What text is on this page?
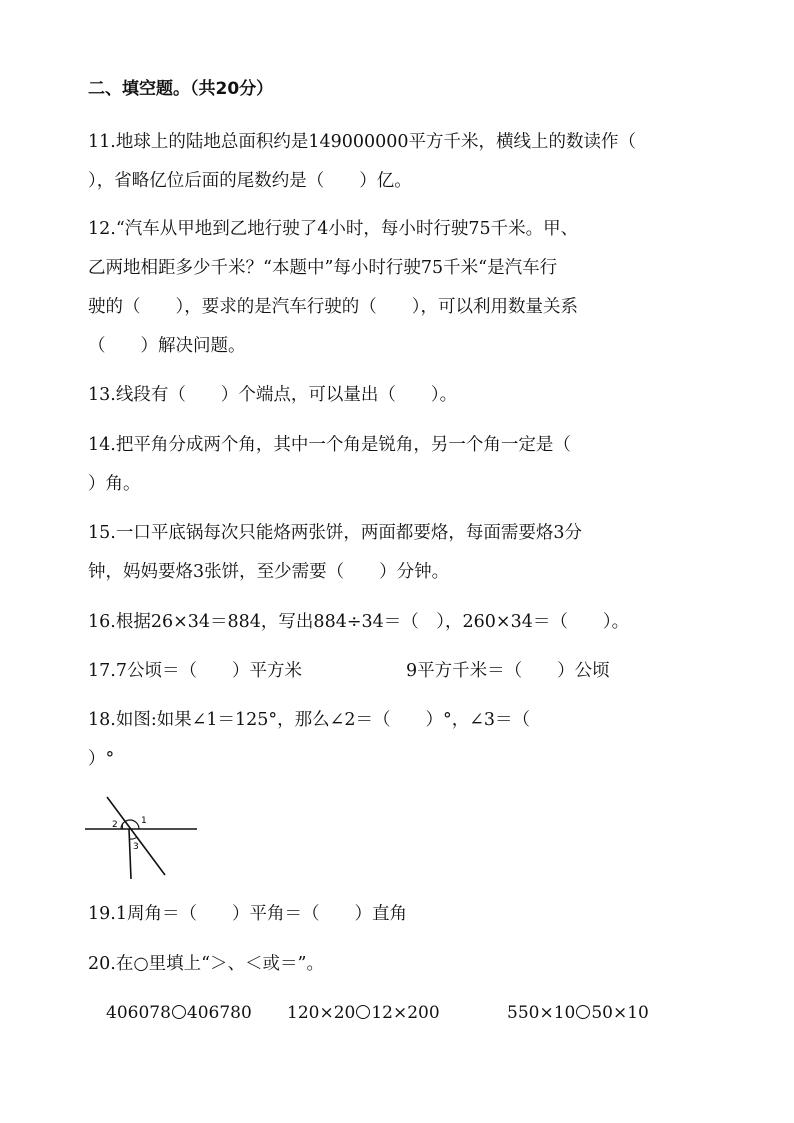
二、填空题。（共20分）
11.地球上的陆地总面积约是149000000平方千米，横线上的数读作（
），省略亿位后面的尾数约是（　　）亿。
12.“汽车从甲地到乙地行驶了4小时，每小时行驶75千米。甲、
乙两地相距多少千米？“本题中”每小时行驶75千米“是汽车行
驶的（　　），要求的是汽车行驶的（　　），可以利用数量关系
（　　）解决问题。
13.线段有（　　）个端点，可以量出（　　）。
14.把平角分成两个角，其中一个角是锐角，另一个角一定是（
）角。
15.一口平底锅每次只能烙两张饼，两面都要烙，每面需要烙3分
钟，妈妈要烙3张饼，至少需要（　　）分钟。
16.根据26×34＝884，写出884÷34＝（　），260×34＝（　　）。
17.7公顷＝（　　）平方米	9平方千米＝（　　）公顷
18.如图:如果∠1＝125°，那么∠2＝（　　）°，∠3＝（
）°
1
2
3
19.1周角＝（　　）平角＝（　　）直角
20.在○里填上“＞、＜或＝”。
406078 406780 120×20 12×200	550×10 50×10
